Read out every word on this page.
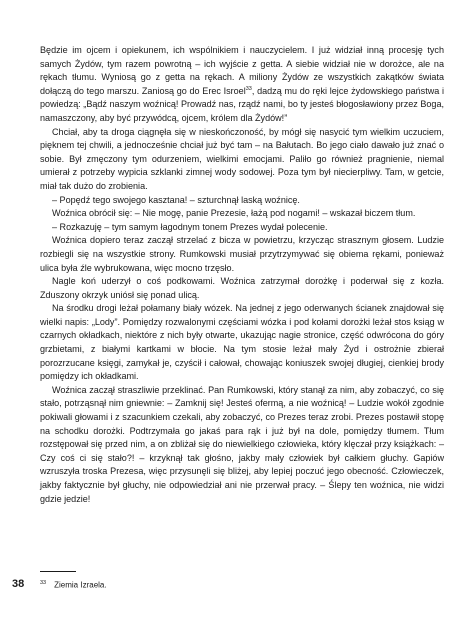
Będzie im ojcem i opiekunem, ich wspólnikiem i nauczycielem. I już widział inną procesję tych samych Żydów, tym razem powrotną – ich wyjście z getta. A siebie widział nie w dorożce, ale na rękach tłumu. Wyniosą go z getta na rękach. A miliony Żydów ze wszystkich zakątków świata dołączą do tego marszu. Zaniosą go do Erec Isroel$^{33}$, dadzą mu do ręki lejce żydowskiego państwa i powiedzą: „Bądź naszym woźnicą! Prowadź nas, rządź nami, bo ty jesteś błogosławiony przez Boga, namaszczony, aby być przywódcą, ojcem, królem dla Żydów!”

Chciał, aby ta droga ciągnęła się w nieskończoność, by mógł się nasycić tym wielkim uczuciem, pięknem tej chwili, a jednocześnie chciał już być tam – na Bałutach. Bo jego ciało dawało już znać o sobie. Był zmęczony tym odurzeniem, wielkimi emocjami. Paliło go również pragnienie, niemal umierał z potrzeby wypicia szklanki zimnej wody sodowej. Poza tym był niecierpliwy. Tam, w getcie, miał tak dużo do zrobienia.

– Popędź tego swojego kasztana! – szturchnął laską woźnicę.

Woźnica obrócił się: – Nie mogę, panie Prezesie, łażą pod nogami! – wskazał biczem tłum.

– Rozkazuję – tym samym łagodnym tonem Prezes wydał polecenie.

Woźnica dopiero teraz zaczął strzelać z bicza w powietrzu, krzycząc strasznym głosem. Ludzie rozbiegli się na wszystkie strony. Rumkowski musiał przytrzymywać się obiema rękami, ponieważ ulica była źle wybrukowana, więc mocno trzęsło.

Nagle koń uderzył o coś podkowami. Woźnica zatrzymał dorożkę i poderwał się z kozła. Zduszony okrzyk uniósł się ponad ulicą.

Na środku drogi leżał połamany biały wózek. Na jednej z jego oderwanych ścianek znajdował się wielki napis: „Lody”. Pomiędzy rozwalonymi częściami wózka i pod kołami dorożki leżał stos ksiąg w czarnych okładkach, niektóre z nich były otwarte, ukazując nagie stronice, część odwrócona do góry grzbietami, z białymi kartkami w błocie. Na tym stosie leżał mały Żyd i ostrożnie zbierał porozrzucane księgi, zamykał je, czyścił i całował, chowając koniuszek swojej długiej, cienkiej brody pomiędzy ich okładkami.

Woźnica zaczął straszliwie przeklinać. Pan Rumkowski, który stanął za nim, aby zobaczyć, co się stało, potrząsnął nim gniewnie: – Zamknij się! Jesteś ofermą, a nie woźnicą! – Ludzie wokół zgodnie pokiwali głowami i z szacunkiem czekali, aby zobaczyć, co Prezes teraz zrobi. Prezes postawił stopę na schodku dorożki. Podtrzymała go jakaś para rąk i już był na dole, pomiędzy tłumem. Tłum rozstępował się przed nim, a on zbliżał się do niewielkiego człowieka, który klęczał przy książkach: – Czy coś ci się stało?! – krzyknął tak głośno, jakby mały człowiek był całkiem głuchy. Gapiów wzruszyła troska Prezesa, więc przysunęli się bliżej, aby lepiej poczuć jego obecność. Człowieczek, jakby faktycznie był głuchy, nie odpowiedział ani nie przerwał pracy. – Ślepy ten woźnica, nie widzi gdzie jedzie!

38	$^{33}$ Ziemia Izraela.
